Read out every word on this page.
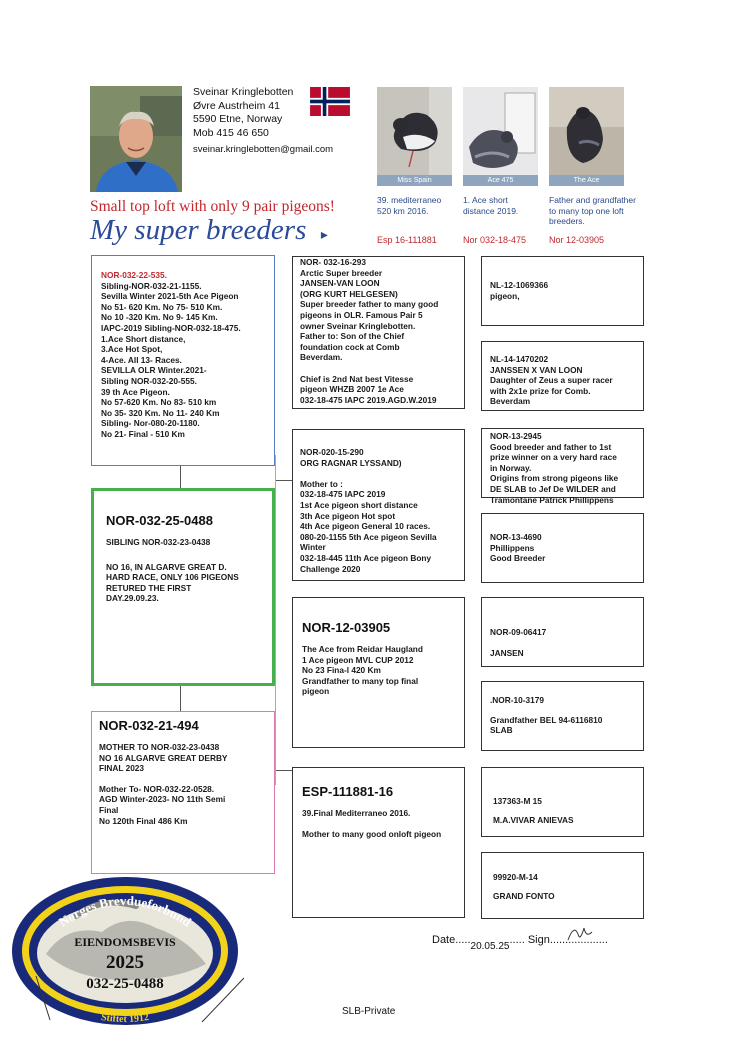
Sveinar Kringlebotten
Øvre Austrheim 41
5590 Etne, Norway
Mob 415 46 650
sveinar.kringlebotten@gmail.com
Small top loft with only 9 pair pigeons!
My super breeders ▸
Miss Spain	Ace 475	The Ace
39. mediterraneo
520 km 2016.
1. Ace short
distance 2019.
Father and grandfather
to many top one loft
breeders.
Esp 16-111881	Nor 032-18-475	Nor 12-03905
NOR-032-22-535.
Sibling-NOR-032-21-1155.
Sevilla Winter 2021-5th Ace Pigeon
No 51- 620 Km. No 75- 510 Km.
No 10 -320 Km. No 9- 145 Km.
IAPC-2019 Sibling-NOR-032-18-475.
1.Ace Short distance,
3.Ace Hot Spot,
4-Ace. All 13- Races.
SEVILLA OLR Winter.2021-
Sibling NOR-032-20-555.
39 th Ace Pigeon.
No 57-620 Km. No 83- 510 km
No 35- 320 Km. No 11- 240 Km
Sibling- Nor-080-20-1180.
No 21- Final - 510 Km
NOR-032-25-0488
SIBLING NOR-032-23-0438
NO 16, IN ALGARVE GREAT D.
HARD RACE, ONLY 106 PIGEONS
RETURED THE FIRST
DAY.29.09.23.
NOR-032-21-494
MOTHER TO NOR-032-23-0438
NO 16 ALGARVE GREAT DERBY
FINAL 2023
Mother To- NOR-032-22-0528.
AGD Winter-2023- NO 11th Semi
Final
No 120th Final 486 Km
NOR- 032-16-293
Arctic Super breeder
JANSEN-VAN LOON
(ORG KURT HELGESEN)
Super breeder father to many good
pigeons in OLR. Famous Pair 5
owner Sveinar Kringlebotten.
Father to: Son of the Chief
foundation cock at Comb
Beverdam.

Chief is 2nd Nat best Vitesse
pigeon WHZB 2007 1e Ace
032-18-475 IAPC 2019.AGD.W.2019
NOR-020-15-290
ORG RAGNAR LYSSAND)

Mother to :
032-18-475 IAPC 2019
1st Ace pigeon short distance
3th Ace pigeon Hot spot
4th Ace pigeon General 10 races.
080-20-1155 5th Ace pigeon Sevilla
Winter
032-18-445 11th Ace pigeon Bony
Challenge 2020
NOR-12-03905
The Ace from Reidar Haugland
1 Ace pigeon MVL CUP 2012
No 23 Fina-l 420 Km
Grandfather to many top final
pigeon
ESP-111881-16
39.Final Mediterraneo 2016.

Mother to many good onloft pigeon
NL-12-1069366
pigeon,
NL-14-1470202
JANSSEN X VAN LOON
Daughter of Zeus a super racer
with 2x1e prize for Comb.
Beverdam
NOR-13-2945
Good breeder and father to 1st
prize winner on a very hard race
in Norway.
Origins from strong pigeons like
DE SLAB to Jef De WILDER and
Tramontane Patrick Phillippens
NOR-13-4690
Phillippens
Good Breeder
NOR-09-06417
JANSEN
.NOR-10-3179
Grandfather BEL 94-6116810
SLAB
137363-M 15
M.A.VIVAR ANIEVAS
99920-M-14
GRAND FONTO
Norges Brevdueforbund
Stiftet 1912
EIENDOMSBEVIS
2025
032-25-0488
Date.....20.05.25..... Sign...................
SLB-Private
